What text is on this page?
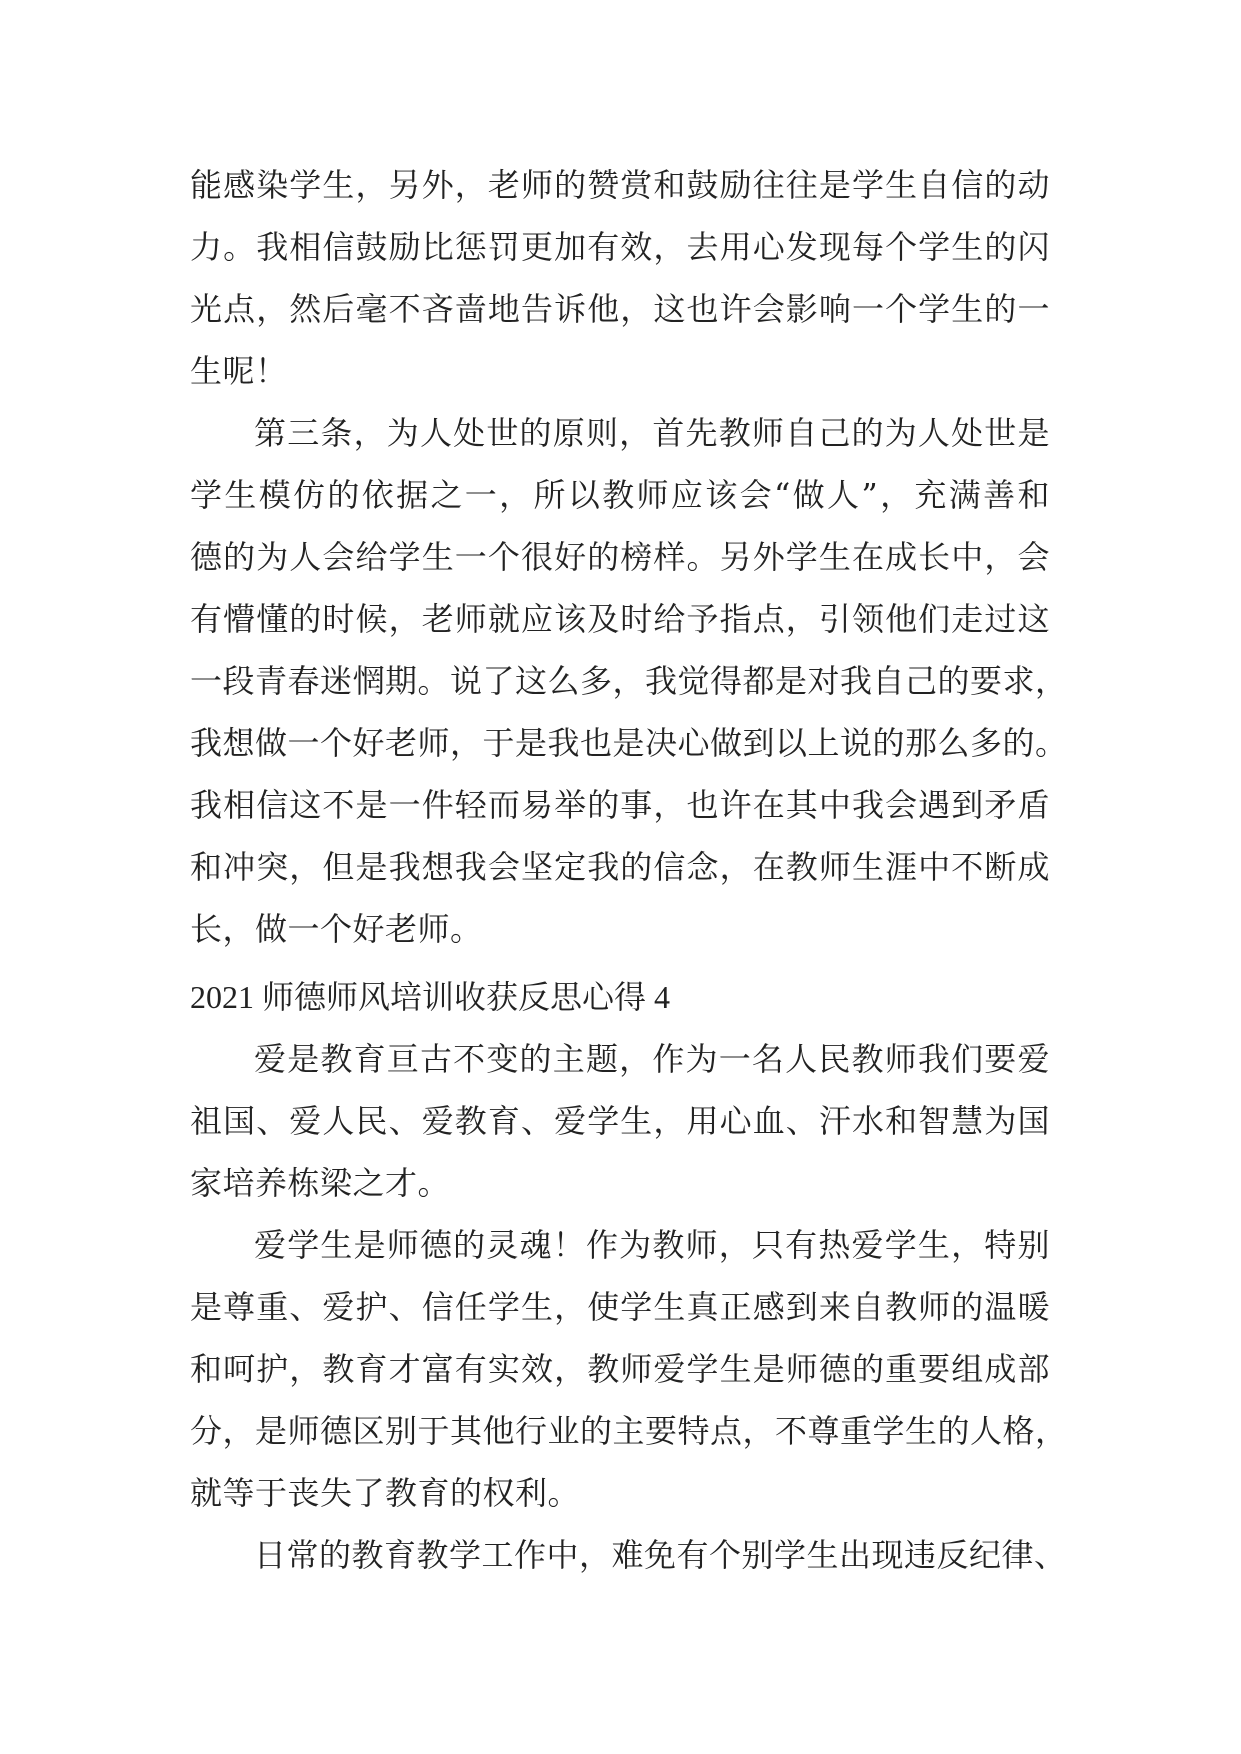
能感染学生，另外，老师的赞赏和鼓励往往是学生自信的动
力。我相信鼓励比惩罚更加有效，去用心发现每个学生的闪
光点，然后毫不吝啬地告诉他，这也许会影响一个学生的一
生呢！
第三条，为人处世的原则，首先教师自己的为人处世是
学生模仿的依据之一，所以教师应该会“做人”，充满善和
德的为人会给学生一个很好的榜样。另外学生在成长中，会
有懵懂的时候，老师就应该及时给予指点，引领他们走过这
一段青春迷惘期。说了这么多，我觉得都是对我自己的要求，
我想做一个好老师，于是我也是决心做到以上说的那么多的。
我相信这不是一件轻而易举的事，也许在其中我会遇到矛盾
和冲突，但是我想我会坚定我的信念，在教师生涯中不断成
长，做一个好老师。
2021 师德师风培训收获反思心得 4
爱是教育亘古不变的主题，作为一名人民教师我们要爱
祖国、爱人民、爱教育、爱学生，用心血、汗水和智慧为国
家培养栋梁之才。
爱学生是师德的灵魂！作为教师，只有热爱学生，特别
是尊重、爱护、信任学生，使学生真正感到来自教师的温暖
和呵护，教育才富有实效，教师爱学生是师德的重要组成部
分，是师德区别于其他行业的主要特点，不尊重学生的人格，
就等于丧失了教育的权利。
日常的教育教学工作中，难免有个别学生出现违反纪律、
